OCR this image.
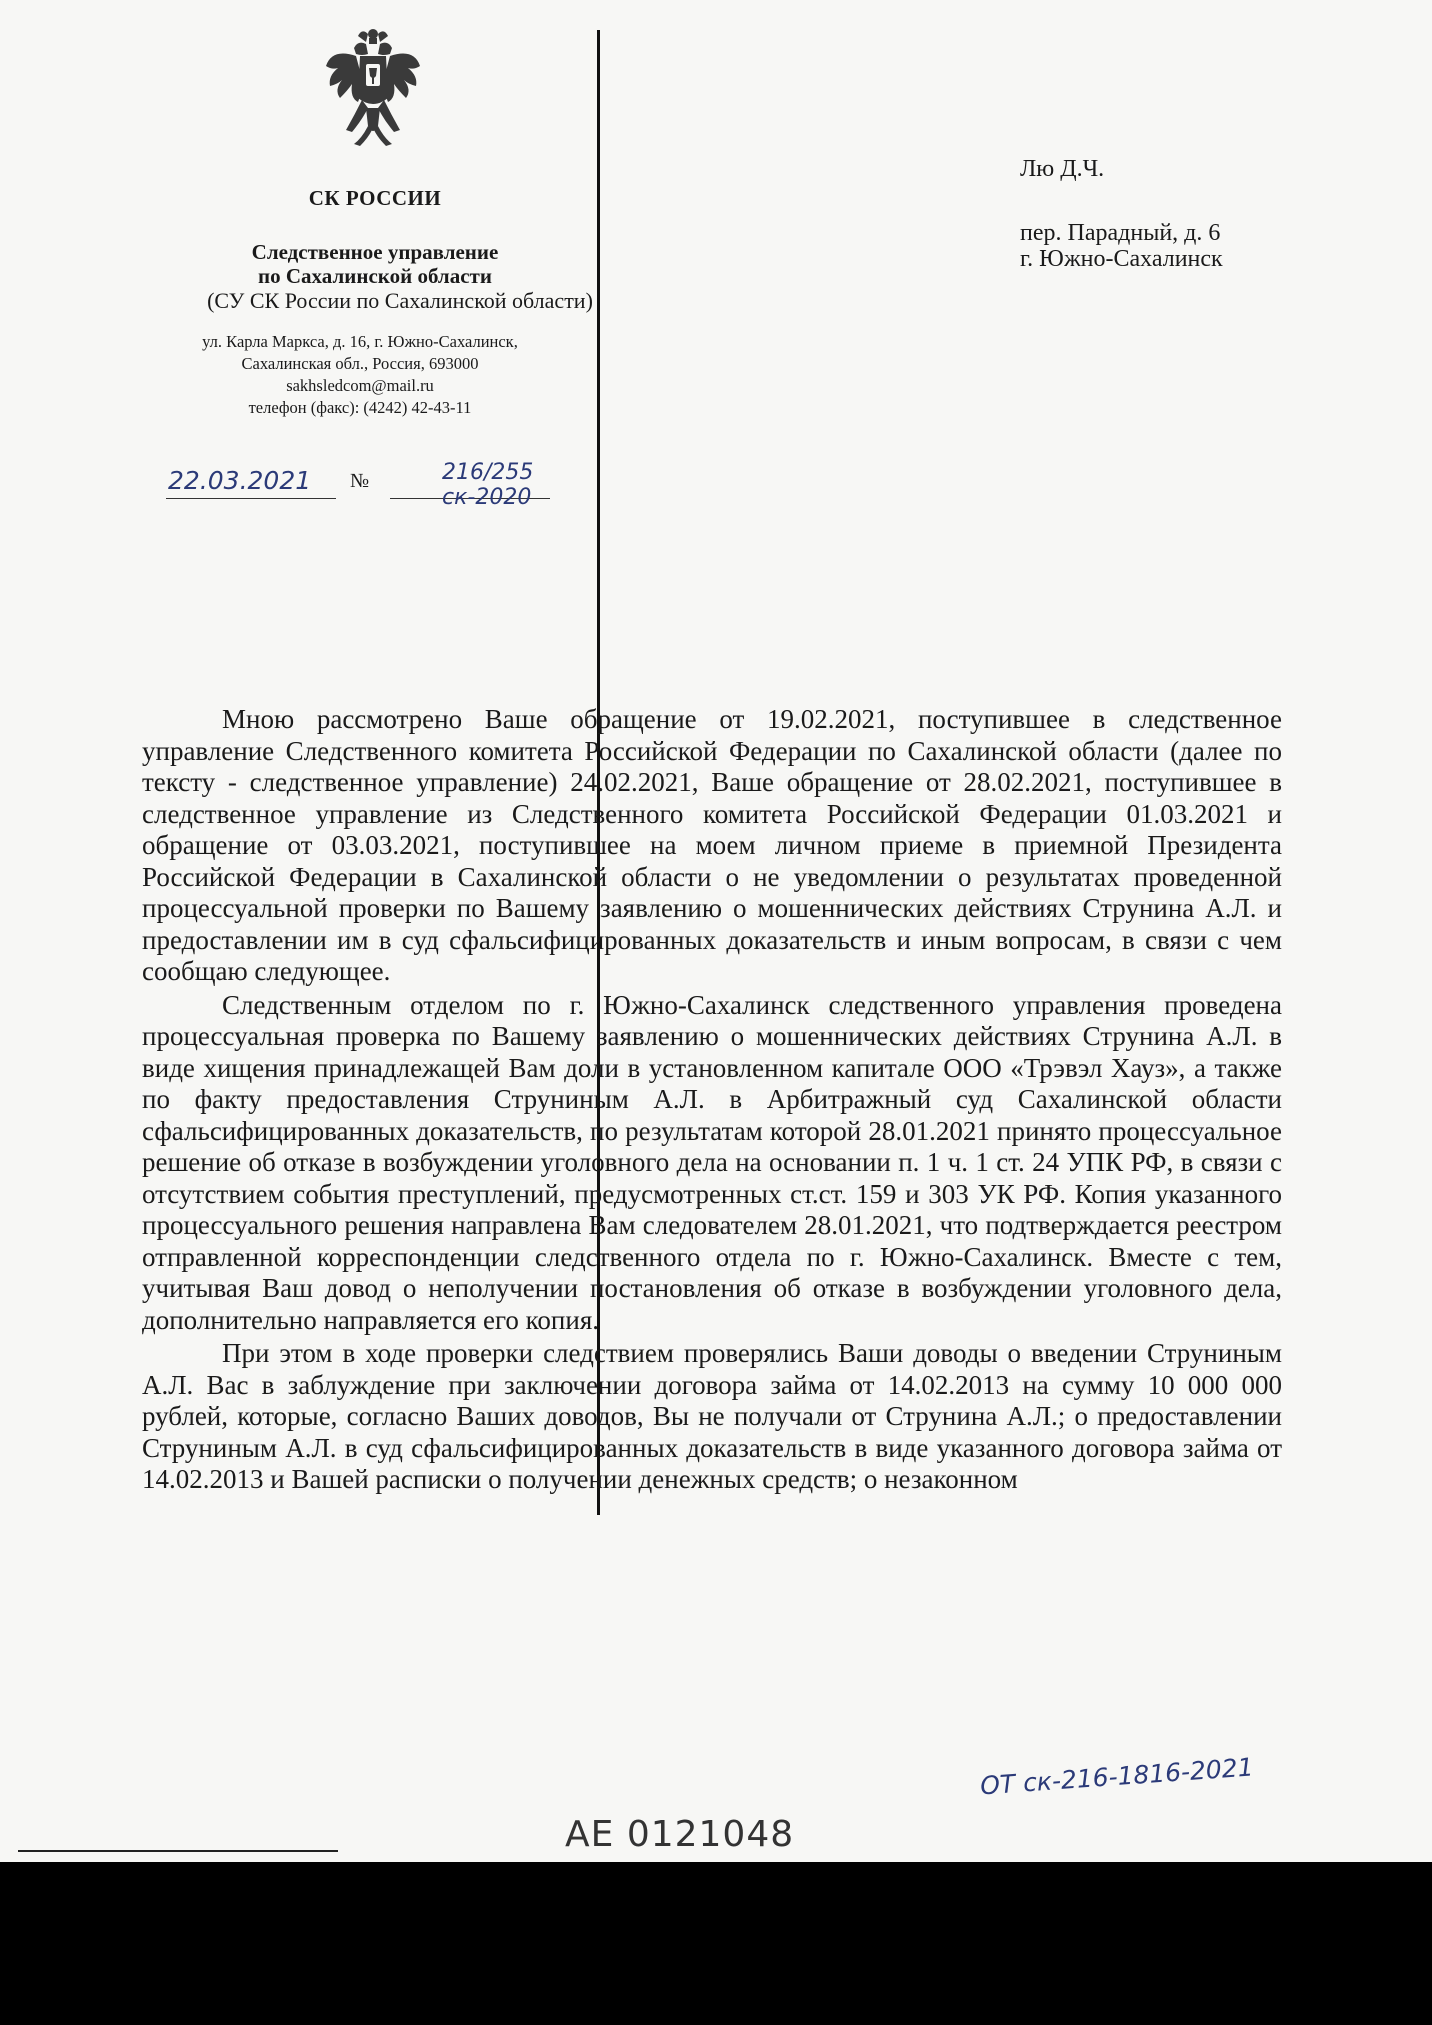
СК РОССИИ
Следственное управление
по Сахалинской области
(СУ СК России по Сахалинской области)
ул. Карла Маркса, д. 16, г. Южно-Сахалинск,
Сахалинская обл., Россия, 693000
sakhsledcom@mail.ru
телефон (факс): (4242) 42-43-11
22.03.2021 №	216/255 ск-2020
Лю Д.Ч.
пер. Парадный, д. 6
г. Южно-Сахалинск

Мною рассмотрено Ваше обращение от 19.02.2021, поступившее в следственное управление Следственного комитета Российской Федерации по Сахалинской области (далее по тексту - следственное управление) 24.02.2021, Ваше обращение от 28.02.2021, поступившее в следственное управление из Следственного комитета Российской Федерации 01.03.2021 и обращение от 03.03.2021, поступившее на моем личном приеме в приемной Президента Российской Федерации в Сахалинской области о не уведомлении о результатах проведенной процессуальной проверки по Вашему заявлению о мошеннических действиях Струнина А.Л. и предоставлении им в суд сфальсифицированных доказательств и иным вопросам, в связи с чем сообщаю следующее.

Следственным отделом по г. Южно-Сахалинск следственного управления проведена процессуальная проверка по Вашему заявлению о мошеннических действиях Струнина А.Л. в виде хищения принадлежащей Вам доли в установленном капитале ООО «Трэвэл Хауз», а также по факту предоставления Струниным А.Л. в Арбитражный суд Сахалинской области сфальсифицированных доказательств, по результатам которой 28.01.2021 принято процессуальное решение об отказе в возбуждении уголовного дела на основании п. 1 ч. 1 ст. 24 УПК РФ, в связи с отсутствием события преступлений, предусмотренных ст.ст. 159 и 303 УК РФ. Копия указанного процессуального решения направлена Вам следователем 28.01.2021, что подтверждается реестром отправленной корреспонденции следственного отдела по г. Южно-Сахалинск. Вместе с тем, учитывая Ваш довод о неполучении постановления об отказе в возбуждении уголовного дела, дополнительно направляется его копия.

При этом в ходе проверки следствием проверялись Ваши доводы о введении Струниным А.Л. Вас в заблуждение при заключении договора займа от 14.02.2013 на сумму 10 000 000 рублей, которые, согласно Ваших доводов, Вы не получали от Струнина А.Л.; о предоставлении Струниным А.Л. в суд сфальсифицированных доказательств в виде указанного договора займа от 14.02.2013 и Вашей расписки о получении денежных средств; о незаконном

ОТ ск-216-1816-2021
АЕ 0121048
